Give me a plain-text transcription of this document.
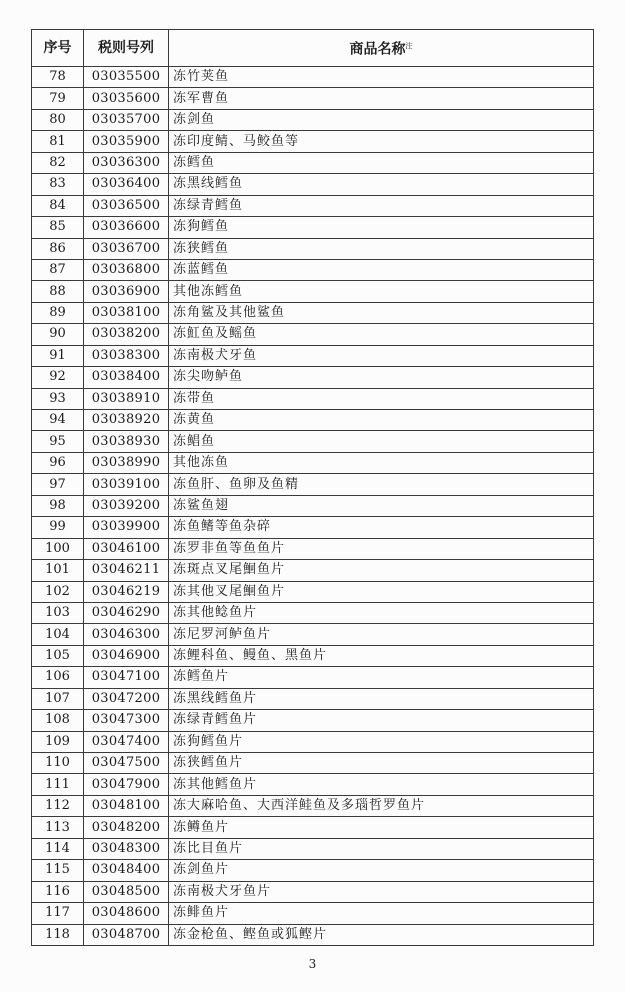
序号	税则号列	商品名称$^注$
78	03035500	冻竹荚鱼
79	03035600	冻军曹鱼
80	03035700	冻剑鱼
81	03035900	冻印度鲭、马鲛鱼等
82	03036300	冻鳕鱼
83	03036400	冻黑线鳕鱼
84	03036500	冻绿青鳕鱼
85	03036600	冻狗鳕鱼
86	03036700	冻狭鳕鱼
87	03036800	冻蓝鳕鱼
88	03036900	其他冻鳕鱼
89	03038100	冻角鲨及其他鲨鱼
90	03038200	冻魟鱼及鳐鱼
91	03038300	冻南极犬牙鱼
92	03038400	冻尖吻鲈鱼
93	03038910	冻带鱼
94	03038920	冻黄鱼
95	03038930	冻鲳鱼
96	03038990	其他冻鱼
97	03039100	冻鱼肝、鱼卵及鱼精
98	03039200	冻鲨鱼翅
99	03039900	冻鱼鳍等鱼杂碎
100	03046100	冻罗非鱼等鱼鱼片
101	03046211	冻斑点叉尾鮰鱼片
102	03046219	冻其他叉尾鮰鱼片
103	03046290	冻其他鲶鱼片
104	03046300	冻尼罗河鲈鱼片
105	03046900	冻鲤科鱼、鳗鱼、黑鱼片
106	03047100	冻鳕鱼片
107	03047200	冻黑线鳕鱼片
108	03047300	冻绿青鳕鱼片
109	03047400	冻狗鳕鱼片
110	03047500	冻狭鳕鱼片
111	03047900	冻其他鳕鱼片
112	03048100	冻大麻哈鱼、大西洋鲑鱼及多瑙哲罗鱼片
113	03048200	冻鳟鱼片
114	03048300	冻比目鱼片
115	03048400	冻剑鱼片
116	03048500	冻南极犬牙鱼片
117	03048600	冻鲱鱼片
118	03048700	冻金枪鱼、鲣鱼或狐鲣片
3
